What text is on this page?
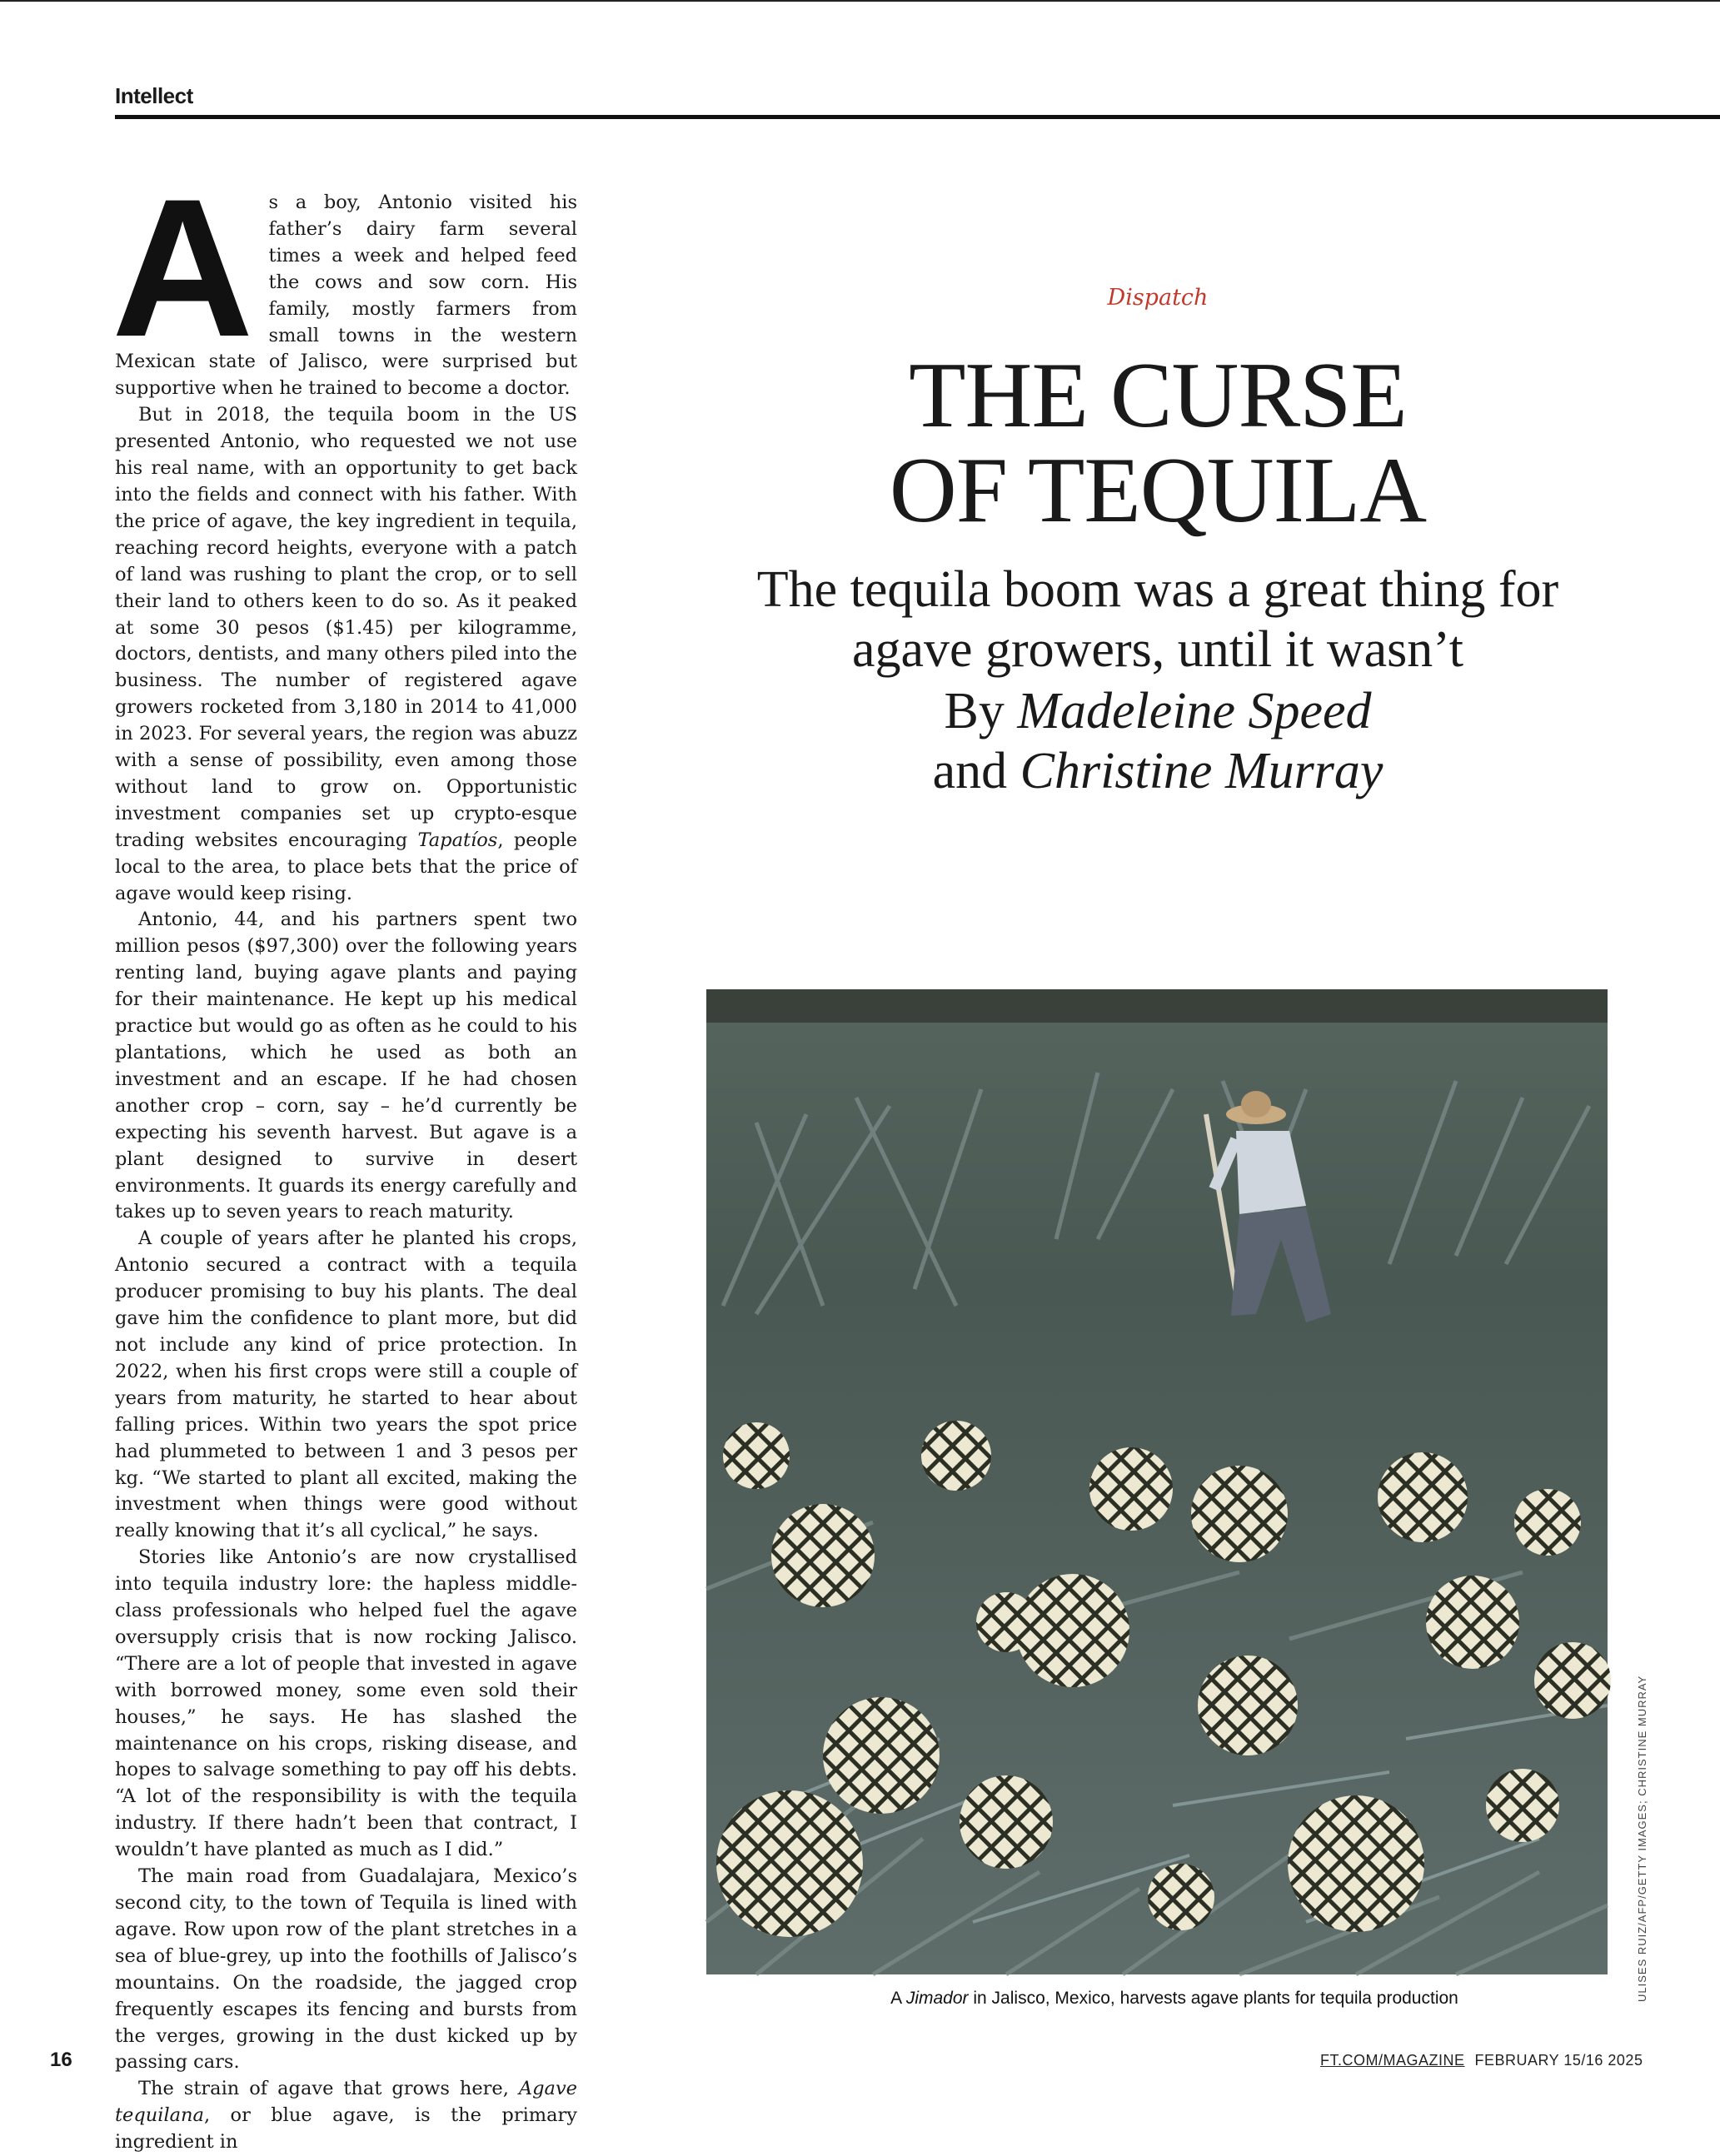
Intellect

As a boy, Antonio visited his father’s dairy farm several times a week and helped feed the cows and sow corn. His family, mostly farmers from small towns in the western Mexican state of Jalisco, were surprised but supportive when he trained to become a doctor.

But in 2018, the tequila boom in the US presented Antonio, who requested we not use his real name, with an opportunity to get back into the fields and connect with his father. With the price of agave, the key ingredient in tequila, reaching record heights, everyone with a patch of land was rushing to plant the crop, or to sell their land to others keen to do so. As it peaked at some 30 pesos ($1.45) per kilogramme, doctors, dentists, and many others piled into the business. The number of registered agave growers rocketed from 3,180 in 2014 to 41,000 in 2023. For several years, the region was abuzz with a sense of possibility, even among those without land to grow on. Opportunistic investment companies set up crypto-esque trading websites encouraging Tapatíos, people local to the area, to place bets that the price of agave would keep rising.

Antonio, 44, and his partners spent two million pesos ($97,300) over the following years renting land, buying agave plants and paying for their maintenance. He kept up his medical practice but would go as often as he could to his plantations, which he used as both an investment and an escape. If he had chosen another crop – corn, say – he’d currently be expecting his seventh harvest. But agave is a plant designed to survive in desert environments. It guards its energy carefully and takes up to seven years to reach maturity.

A couple of years after he planted his crops, Antonio secured a contract with a tequila producer promising to buy his plants. The deal gave him the confidence to plant more, but did not include any kind of price protection. In 2022, when his first crops were still a couple of years from maturity, he started to hear about falling prices. Within two years the spot price had plummeted to between 1 and 3 pesos per kg. “We started to plant all excited, making the investment when things were good without really knowing that it’s all cyclical,” he says.

Stories like Antonio’s are now crystallised into tequila industry lore: the hapless middle-class professionals who helped fuel the agave oversupply crisis that is now rocking Jalisco. “There are a lot of people that invested in agave with borrowed money, some even sold their houses,” he says. He has slashed the maintenance on his crops, risking disease, and hopes to salvage something to pay off his debts. “A lot of the responsibility is with the tequila industry. If there hadn’t been that contract, I wouldn’t have planted as much as I did.”

The main road from Guadalajara, Mexico’s second city, to the town of Tequila is lined with agave. Row upon row of the plant stretches in a sea of blue-grey, up into the foothills of Jalisco’s mountains. On the roadside, the jagged crop frequently escapes its fencing and bursts from the verges, growing in the dust kicked up by passing cars.

The strain of agave that grows here, Agave tequilana, or blue agave, is the primary ingredient in

Dispatch
THE CURSE
OF TEQUILA
The tequila boom was a great thing for
agave growers, until it wasn’t
By Madeleine Speed
and Christine Murray
A Jimador in Jalisco, Mexico, harvests agave plants for tequila production	ULISES RUIZ/AFP/GETTY IMAGES; CHRISTINE MURRAY
16	FT.COM/MAGAZINE FEBRUARY 15/16 2025
